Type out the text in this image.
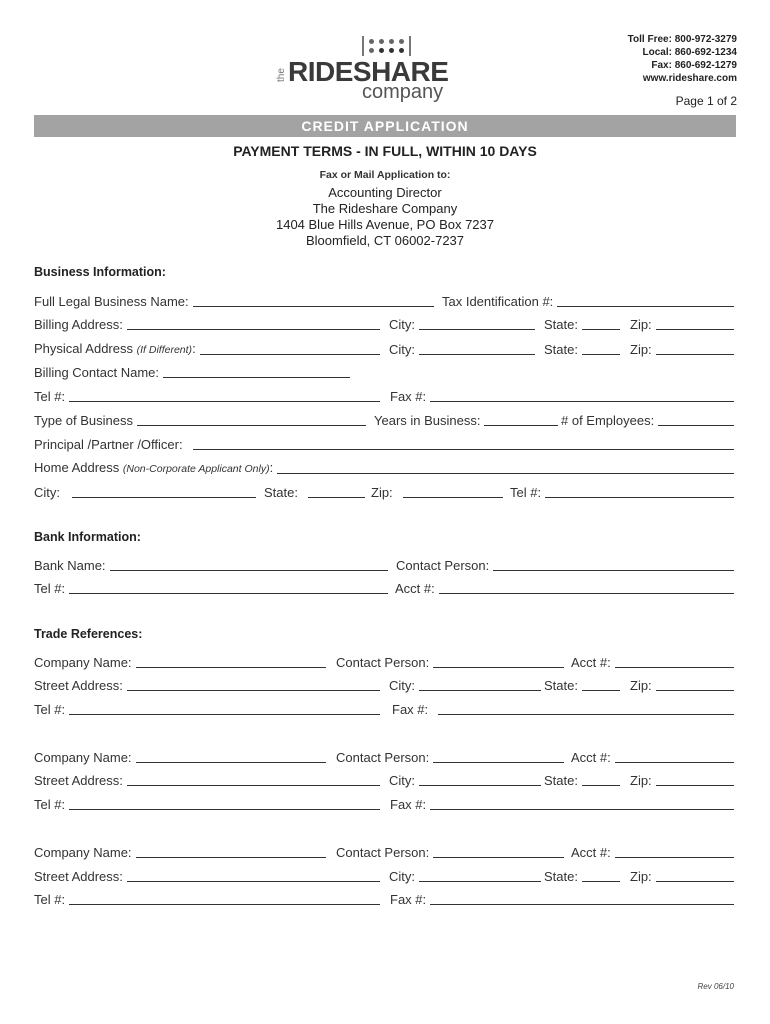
the RIDESHARE
company
Toll Free: 800-972-3279
Local: 860-692-1234
Fax: 860-692-1279
www.rideshare.com
Page 1 of 2
CREDIT APPLICATION
PAYMENT TERMS - IN FULL, WITHIN 10 DAYS
Fax or Mail Application to:
Accounting Director
The Rideshare Company
1404 Blue Hills Avenue, PO Box 7237
Bloomfield, CT 06002-7237
Business Information:
Full Legal Business Name:	Tax Identification #:
Billing Address:	City:	State:	Zip:
Physical Address (If Different):	City:	State:	Zip:
Billing Contact Name:
Tel #:	Fax #:
Type of Business	Years in Business:	# of Employees:
Principal /Partner /Officer:
Home Address (Non-Corporate Applicant Only):
City:	State:	Zip:	Tel #:
Bank Information:
Bank Name:	Contact Person:
Tel #:	Acct #:
Trade References:
Company Name:	Contact Person:	Acct #:
Street Address:	City:	State:	Zip:
Tel #:	Fax #:
Company Name:	Contact Person:	Acct #:
Street Address:	City:	State:	Zip:
Tel #:	Fax #:
Company Name:	Contact Person:	Acct #:
Street Address:	City:	State:	Zip:
Tel #:	Fax #:
Rev 06/10
